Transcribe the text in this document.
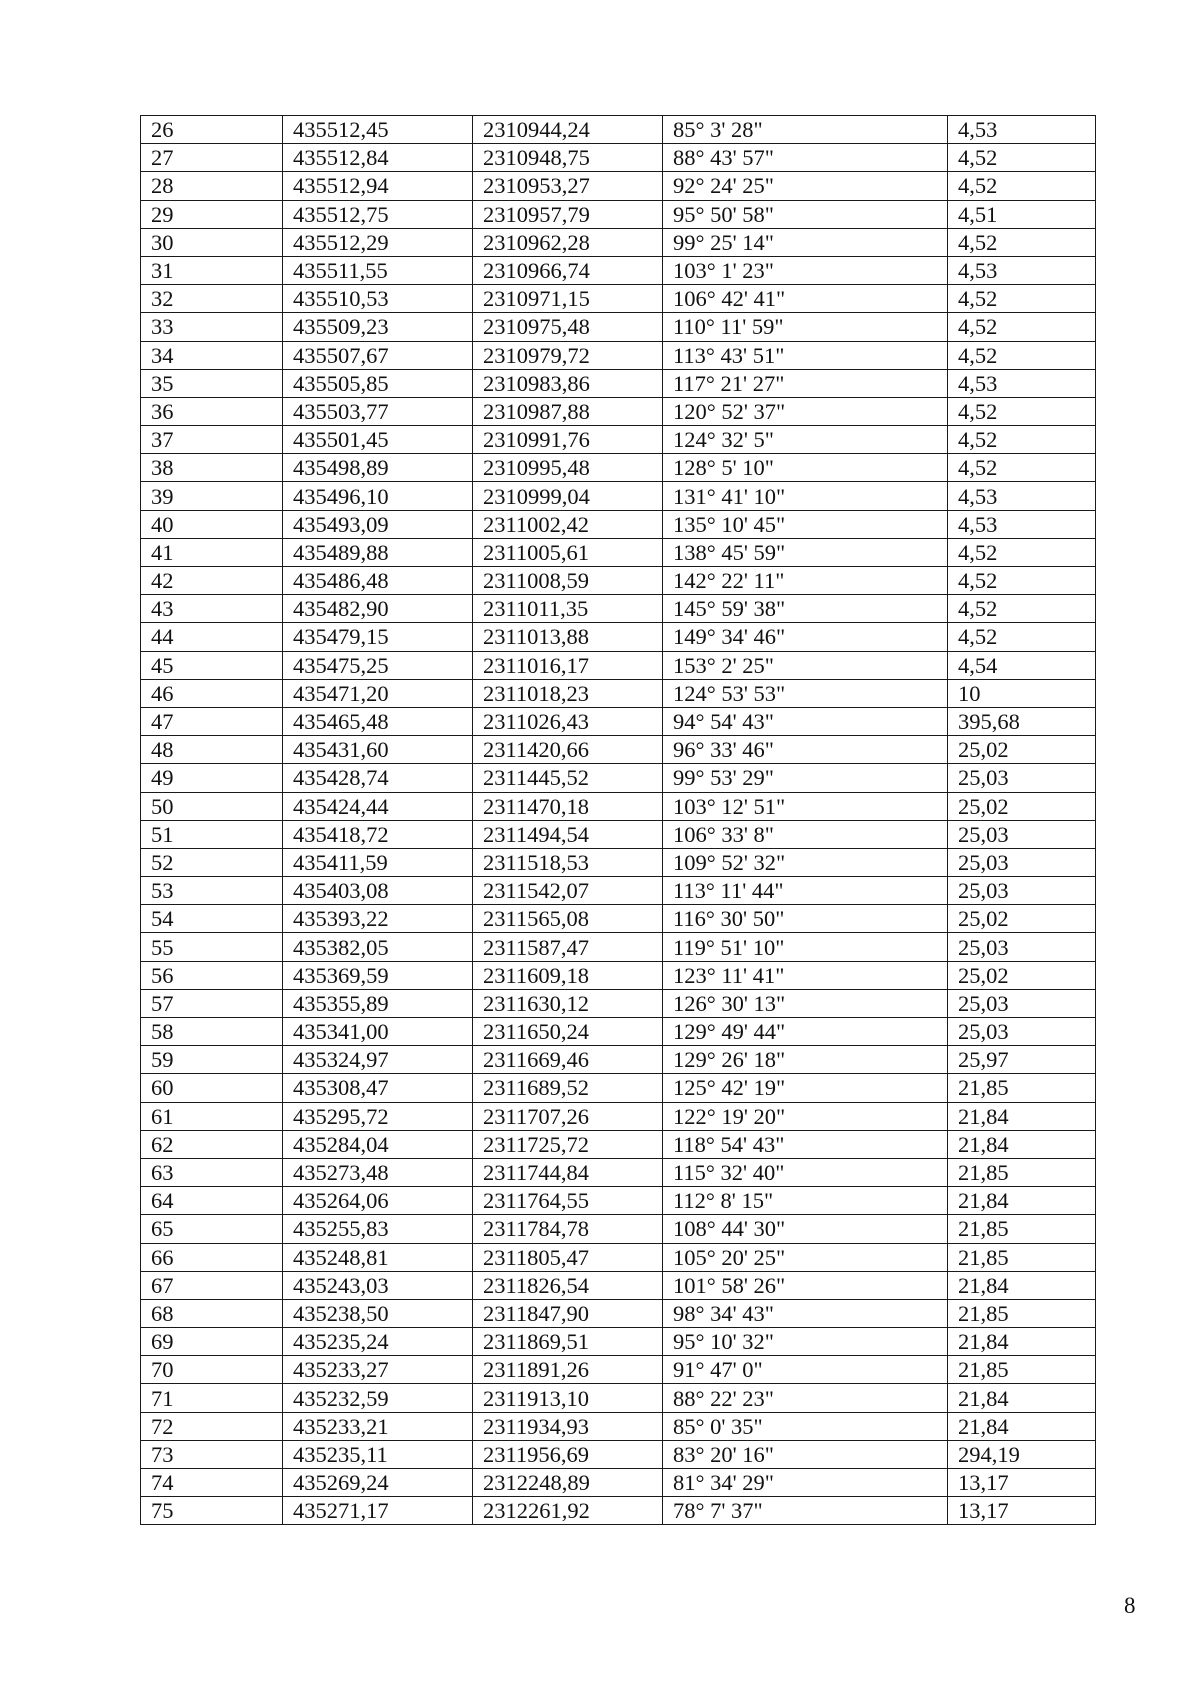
26	435512,45	2310944,24	85° 3' 28"	4,53
27	435512,84	2310948,75	88° 43' 57"	4,52
28	435512,94	2310953,27	92° 24' 25"	4,52
29	435512,75	2310957,79	95° 50' 58"	4,51
30	435512,29	2310962,28	99° 25' 14"	4,52
31	435511,55	2310966,74	103° 1' 23"	4,53
32	435510,53	2310971,15	106° 42' 41"	4,52
33	435509,23	2310975,48	110° 11' 59"	4,52
34	435507,67	2310979,72	113° 43' 51"	4,52
35	435505,85	2310983,86	117° 21' 27"	4,53
36	435503,77	2310987,88	120° 52' 37"	4,52
37	435501,45	2310991,76	124° 32' 5"	4,52
38	435498,89	2310995,48	128° 5' 10"	4,52
39	435496,10	2310999,04	131° 41' 10"	4,53
40	435493,09	2311002,42	135° 10' 45"	4,53
41	435489,88	2311005,61	138° 45' 59"	4,52
42	435486,48	2311008,59	142° 22' 11"	4,52
43	435482,90	2311011,35	145° 59' 38"	4,52
44	435479,15	2311013,88	149° 34' 46"	4,52
45	435475,25	2311016,17	153° 2' 25"	4,54
46	435471,20	2311018,23	124° 53' 53"	10
47	435465,48	2311026,43	94° 54' 43"	395,68
48	435431,60	2311420,66	96° 33' 46"	25,02
49	435428,74	2311445,52	99° 53' 29"	25,03
50	435424,44	2311470,18	103° 12' 51"	25,02
51	435418,72	2311494,54	106° 33' 8"	25,03
52	435411,59	2311518,53	109° 52' 32"	25,03
53	435403,08	2311542,07	113° 11' 44"	25,03
54	435393,22	2311565,08	116° 30' 50"	25,02
55	435382,05	2311587,47	119° 51' 10"	25,03
56	435369,59	2311609,18	123° 11' 41"	25,02
57	435355,89	2311630,12	126° 30' 13"	25,03
58	435341,00	2311650,24	129° 49' 44"	25,03
59	435324,97	2311669,46	129° 26' 18"	25,97
60	435308,47	2311689,52	125° 42' 19"	21,85
61	435295,72	2311707,26	122° 19' 20"	21,84
62	435284,04	2311725,72	118° 54' 43"	21,84
63	435273,48	2311744,84	115° 32' 40"	21,85
64	435264,06	2311764,55	112° 8' 15"	21,84
65	435255,83	2311784,78	108° 44' 30"	21,85
66	435248,81	2311805,47	105° 20' 25"	21,85
67	435243,03	2311826,54	101° 58' 26"	21,84
68	435238,50	2311847,90	98° 34' 43"	21,85
69	435235,24	2311869,51	95° 10' 32"	21,84
70	435233,27	2311891,26	91° 47' 0"	21,85
71	435232,59	2311913,10	88° 22' 23"	21,84
72	435233,21	2311934,93	85° 0' 35"	21,84
73	435235,11	2311956,69	83° 20' 16"	294,19
74	435269,24	2312248,89	81° 34' 29"	13,17
75	435271,17	2312261,92	78° 7' 37"	13,17
8
